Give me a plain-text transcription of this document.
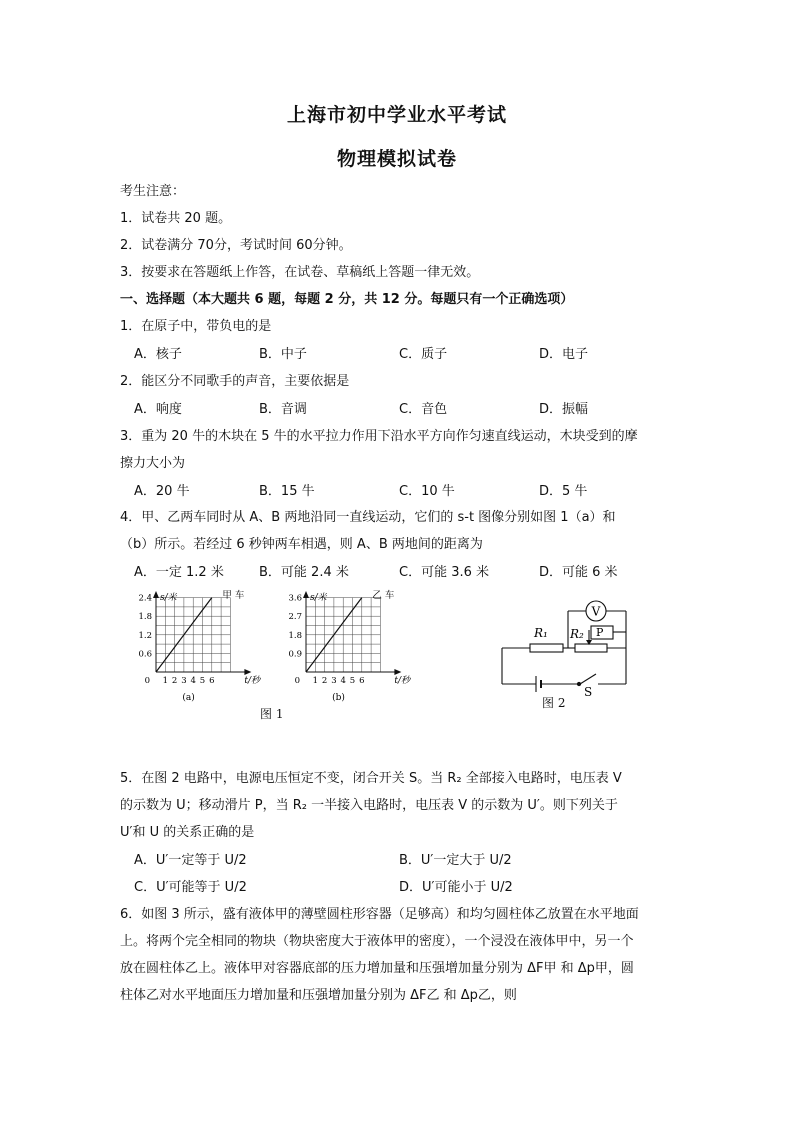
上海市初中学业水平考试
物理模拟试卷
考生注意：
1．试卷共 20 题。
2．试卷满分 70分，考试时间 60分钟。
3．按要求在答题纸上作答，在试卷、草稿纸上答题一律无效。
一、选择题（本大题共 6 题，每题 2 分，共 12 分。每题只有一个正确选项）
1．在原子中，带负电的是
A．核子	B．中子	C．质子	D．电子
2．能区分不同歌手的声音，主要依据是
A．响度	B．音调	C．音色	D．振幅
3．重为 20 牛的木块在 5 牛的水平拉力作用下沿水平方向作匀速直线运动，木块受到的摩
擦力大小为
A．20 牛	B．15 牛	C．10 牛	D．5 牛
4．甲、乙两车同时从 A、B 两地沿同一直线运动，它们的 s-t 图像分别如图 1（a）和
（b）所示。若经过 6 秒钟两车相遇，则 A、B 两地间的距离为
A．一定 1.2 米	B．可能 2.4 米	C．可能 3.6 米	D．可能 6 米
0.6
1.2
1.8
2.4
1 2 3 4 5 6
0
s/米
t/秒
甲 车
(a)
0.9
1.8
2.7
3.6
1 2 3 4 5 6
0
s/米
t/秒
乙 车
(b)
图 1
V
R₁ R₂ P
S
图 2
5．在图 2 电路中，电源电压恒定不变，闭合开关 S。当 R₂ 全部接入电路时，电压表 V
的示数为 U；移动滑片 P，当 R₂ 一半接入电路时，电压表 V 的示数为 U′。则下列关于
U′和 U 的关系正确的是
A．U′一定等于 U/2	B．U′一定大于 U/2
C．U′可能等于 U/2	D．U′可能小于 U/2
6．如图 3 所示，盛有液体甲的薄壁圆柱形容器（足够高）和均匀圆柱体乙放置在水平地面
上。将两个完全相同的物块（物块密度大于液体甲的密度），一个浸没在液体甲中，另一个
放在圆柱体乙上。液体甲对容器底部的压力增加量和压强增加量分别为 ΔF甲 和 Δp甲，圆
柱体乙对水平地面压力增加量和压强增加量分别为 ΔF乙 和 Δp乙，则
